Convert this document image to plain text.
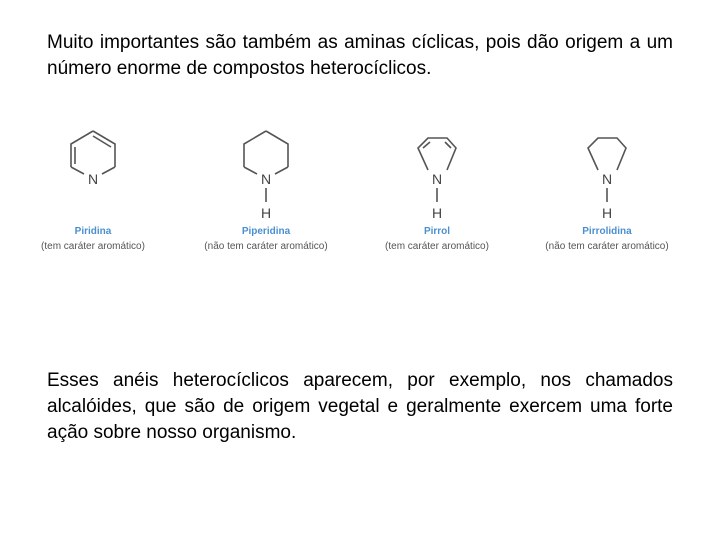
Muito importantes são também as aminas cíclicas, pois dão origem a um número enorme de compostos heterocíclicos.

N
Piridina
(tem caráter aromático)
N
H
Piperidina
(não tem caráter aromático)
N
H
Pirrol
(tem caráter aromático)
N
H
Pirrolidina
(não tem caráter aromático)

Esses anéis heterocíclicos aparecem, por exemplo, nos chamados alcalóides, que são de origem vegetal e geralmente exercem uma forte ação sobre nosso organismo.
